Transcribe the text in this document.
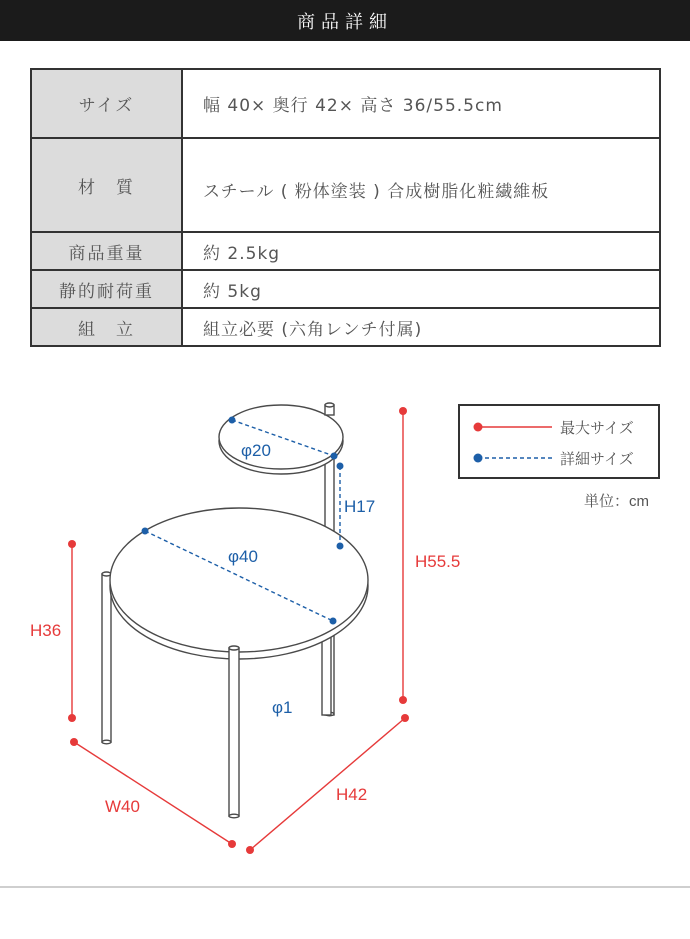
商品詳細
サイズ	幅 40× 奥行 42× 高さ 36/55.5cm
材　質	スチール ( 粉体塗装 ) 合成樹脂化粧繊維板
商品重量	約 2.5kg
静的耐荷重	約 5kg
組　立	組立必要 (六角レンチ付属)
φ20
H17
φ40
φ1
H55.5
H36
W40
H42
最大サイズ
詳細サイズ
単位：cm
